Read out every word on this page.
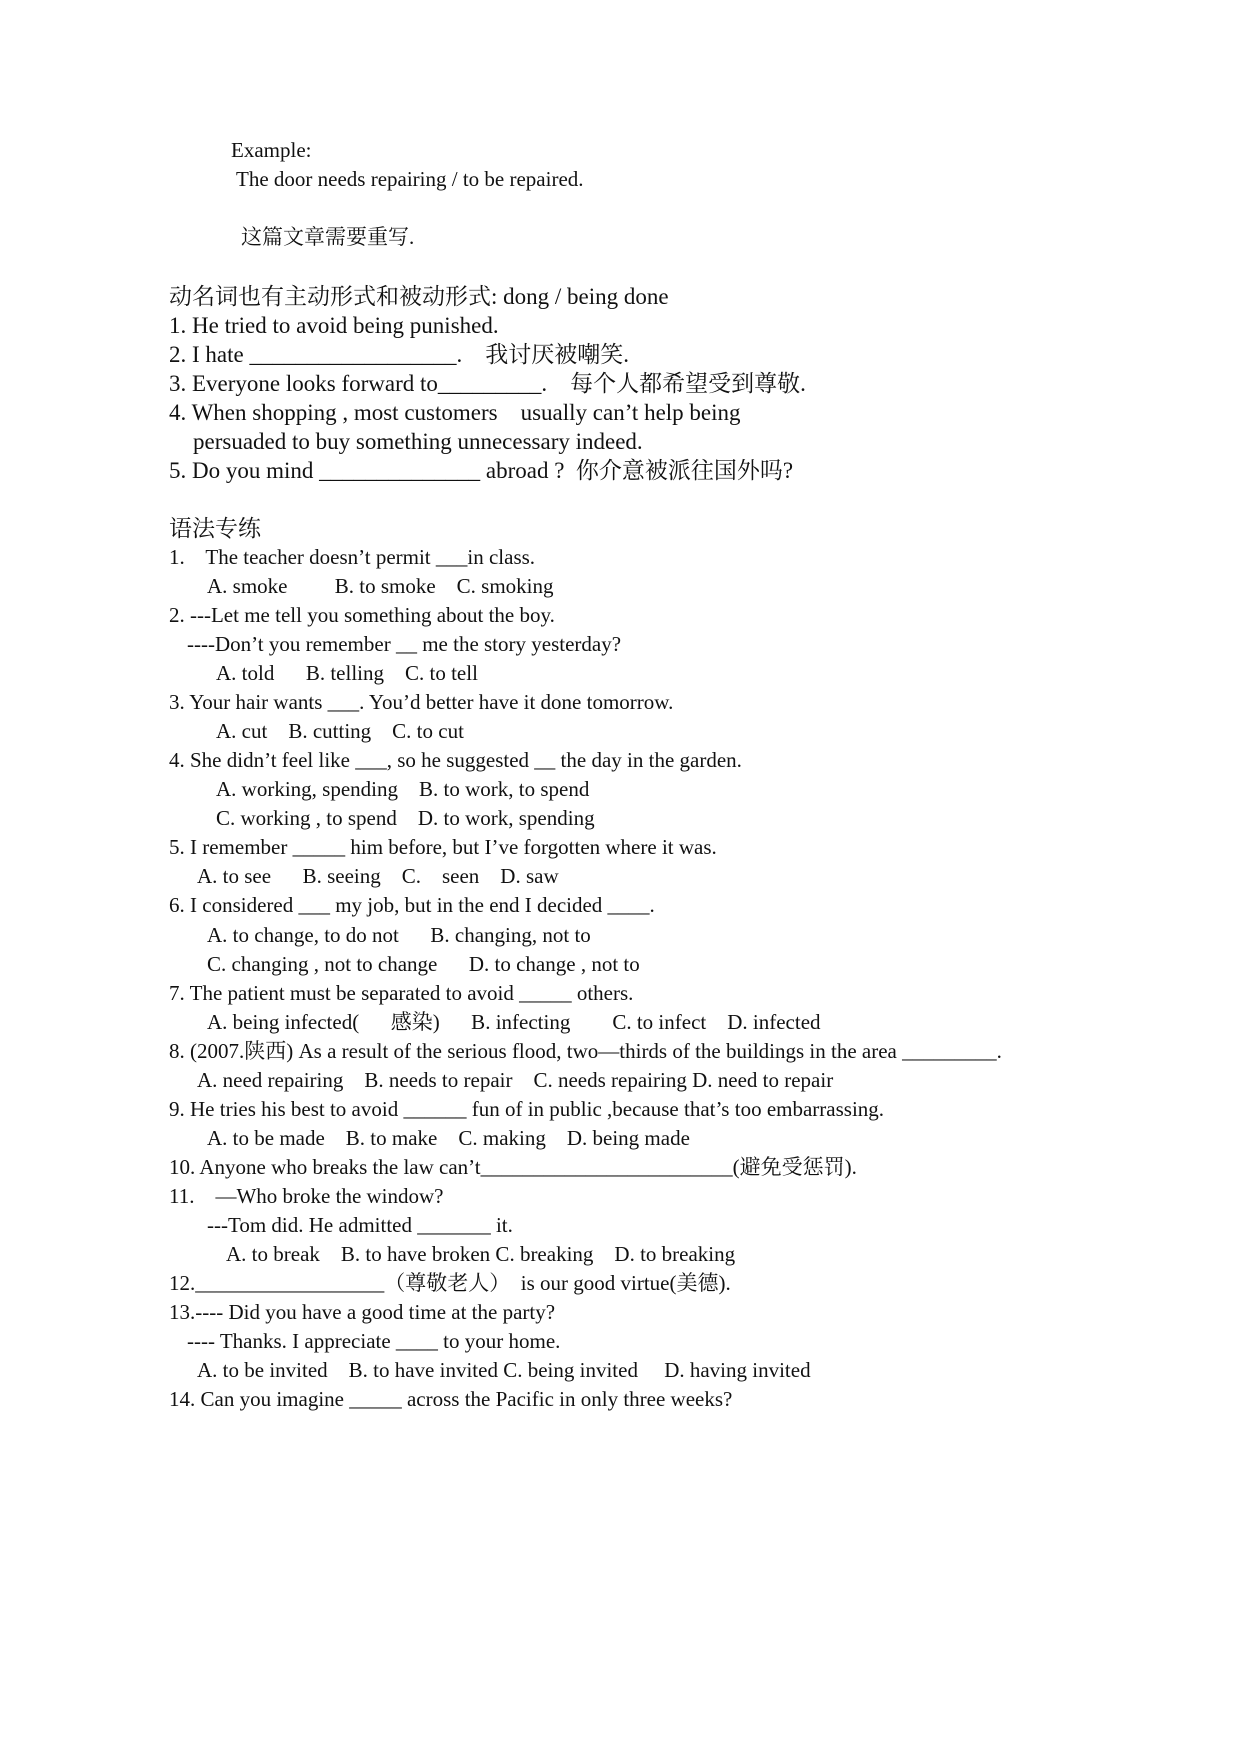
Example:
The door needs repairing / to be repaired.
这篇文章需要重写.
动名词也有主动形式和被动形式: dong / being done
1. He tried to avoid being punished.
2. I hate __________________.    我讨厌被嘲笑.
3. Everyone looks forward to_________.    每个人都希望受到尊敬.
4. When shopping , most customers    usually can’t help being
persuaded to buy something unnecessary indeed.
5. Do you mind ______________ abroad ?  你介意被派往国外吗?
语法专练
1.    The teacher doesn’t permit ___in class.
A. smoke         B. to smoke    C. smoking
2. ---Let me tell you something about the boy.
----Don’t you remember __ me the story yesterday?
A. told      B. telling    C. to tell
3. Your hair wants ___. You’d better have it done tomorrow.
A. cut    B. cutting    C. to cut
4. She didn’t feel like ___, so he suggested __ the day in the garden.
A. working, spending    B. to work, to spend
C. working , to spend    D. to work, spending
5. I remember _____ him before, but I’ve forgotten where it was.
A. to see      B. seeing    C.    seen    D. saw
6. I considered ___ my job, but in the end I decided ____.
A. to change, to do not      B. changing, not to
C. changing , not to change      D. to change , not to
7. The patient must be separated to avoid _____ others.
A. being infected(      感染)      B. infecting        C. to infect    D. infected
8. (2007.陕西) As a result of the serious flood, two—thirds of the buildings in the area _________.
A. need repairing    B. needs to repair    C. needs repairing D. need to repair
9. He tries his best to avoid ______ fun of in public ,because that’s too embarrassing.
A. to be made    B. to make    C. making    D. being made
10. Anyone who breaks the law can’t________________________(避免受惩罚).
11.    —Who broke the window?
---Tom did. He admitted _______ it.
A. to break    B. to have broken C. breaking    D. to breaking
12.__________________（尊敬老人）  is our good virtue(美德).
13.---- Did you have a good time at the party?
---- Thanks. I appreciate ____ to your home.
A. to be invited    B. to have invited C. being invited     D. having invited
14. Can you imagine _____ across the Pacific in only three weeks?
